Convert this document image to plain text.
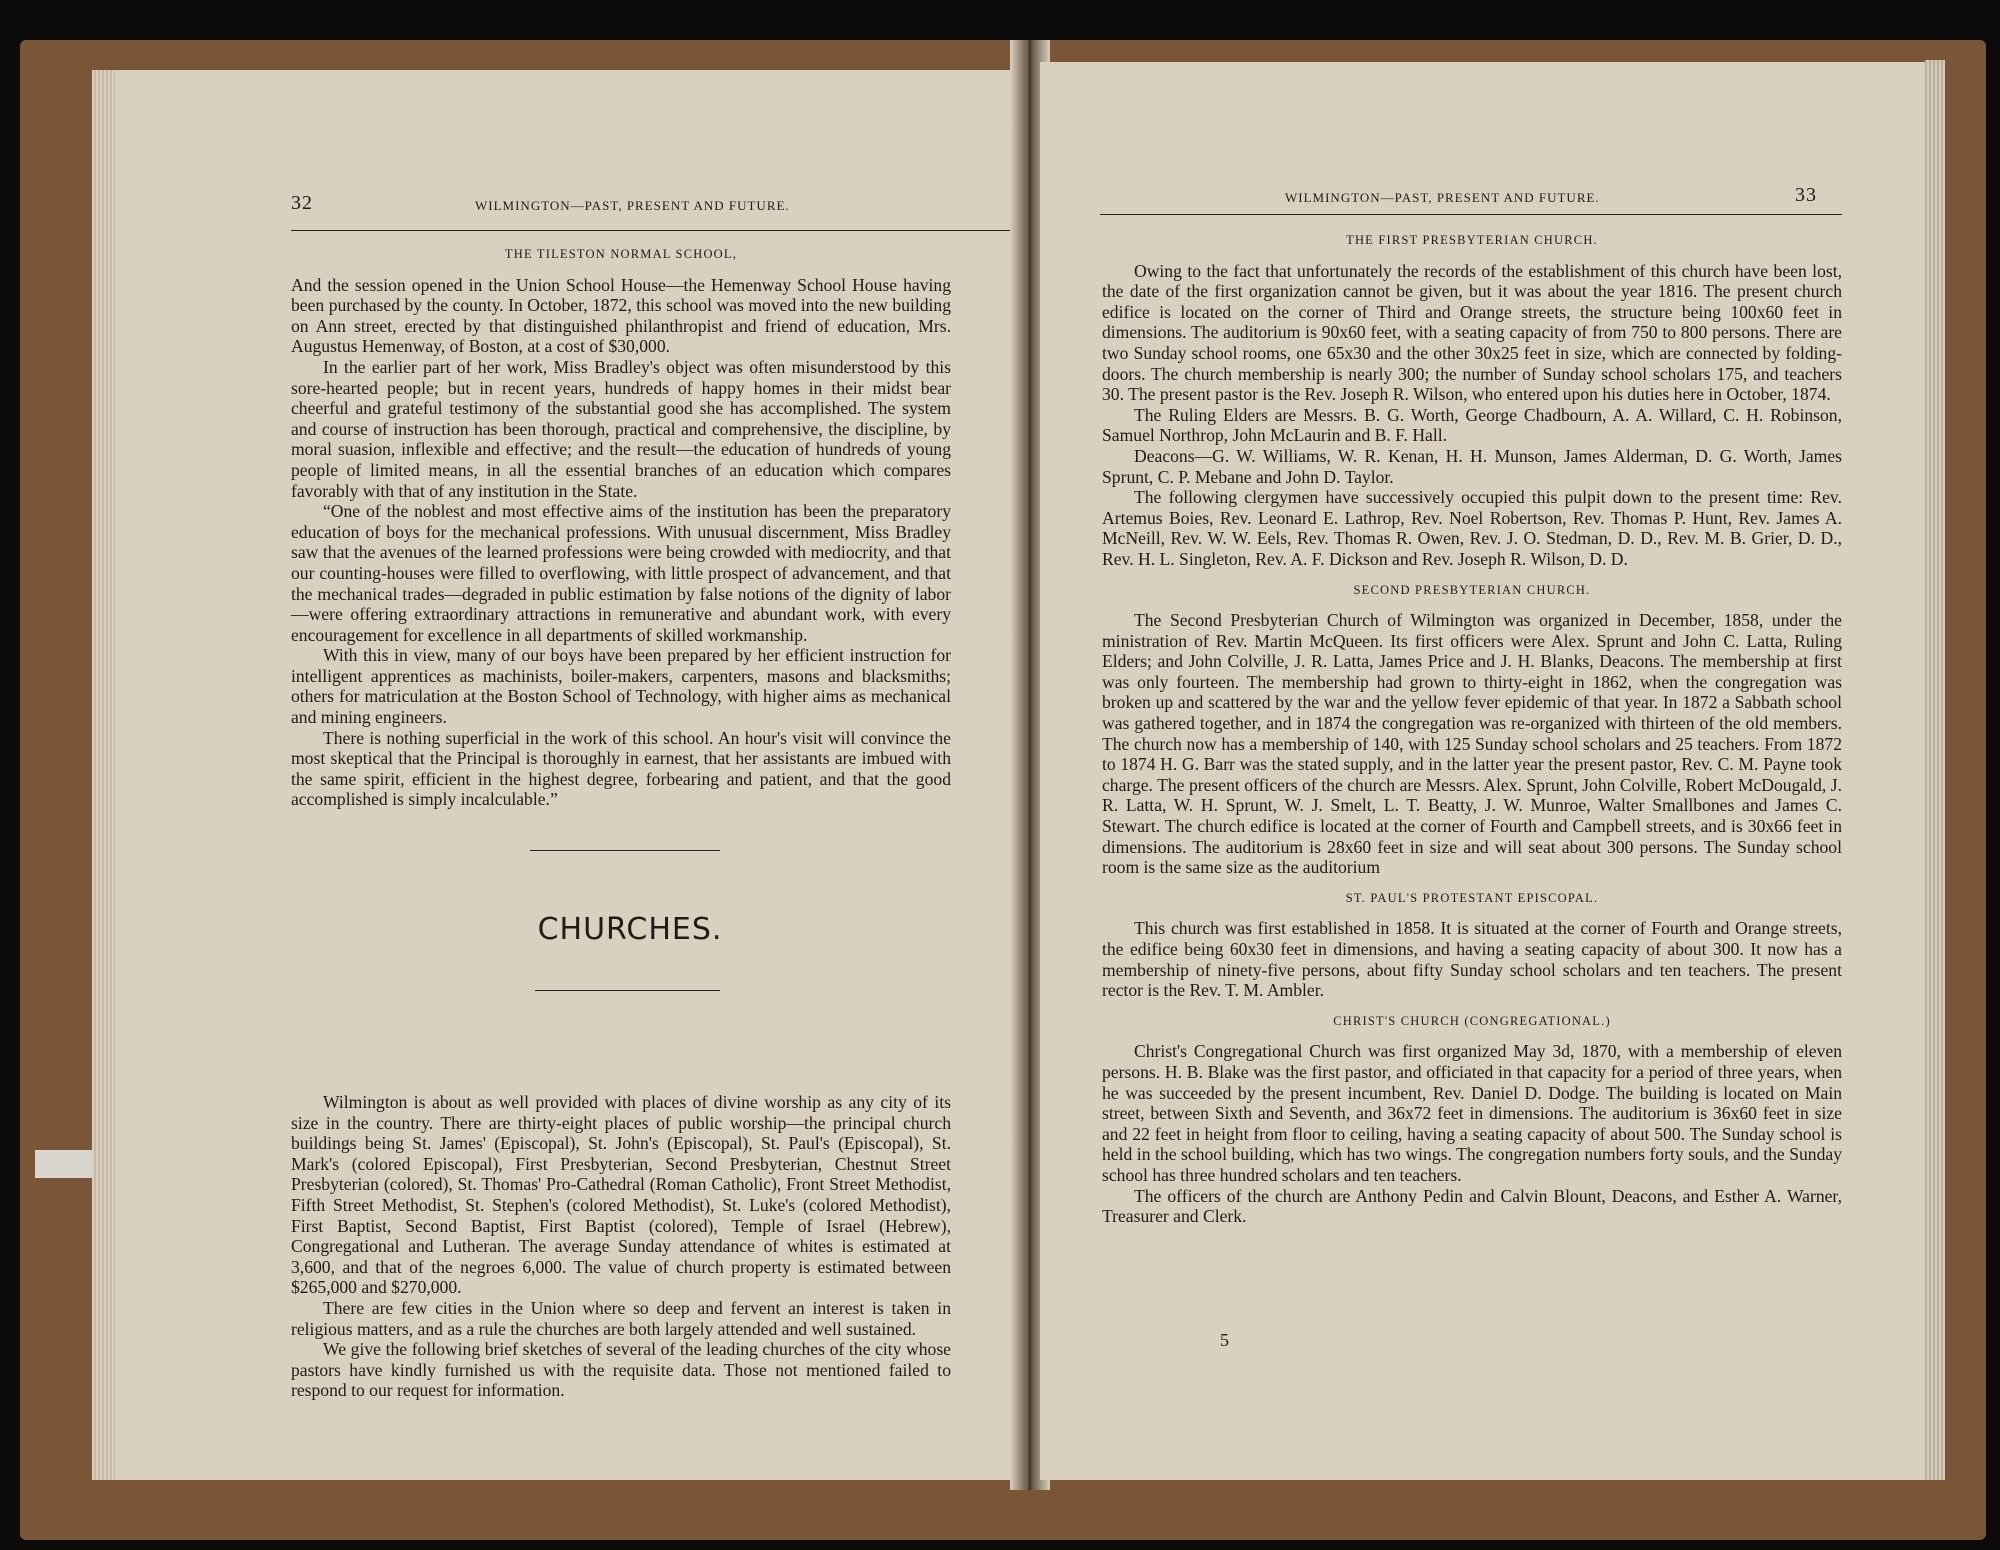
32	WILMINGTON—PAST, PRESENT AND FUTURE.
THE TILESTON NORMAL SCHOOL,

And the session opened in the Union School House—the Hemenway School House having been purchased by the county. In October, 1872, this school was moved into the new building on Ann street, erected by that distinguished philanthropist and friend of education, Mrs. Augustus Hemenway, of Boston, at a cost of $30,000.

In the earlier part of her work, Miss Bradley's object was often misunderstood by this sore-hearted people; but in recent years, hundreds of happy homes in their midst bear cheerful and grateful testimony of the substantial good she has accomplished. The system and course of instruction has been thorough, practical and comprehensive, the discipline, by moral suasion, inflexible and effective; and the result—the education of hundreds of young people of limited means, in all the essential branches of an education which compares favorably with that of any institution in the State.

“One of the noblest and most effective aims of the institution has been the preparatory education of boys for the mechanical professions. With unusual discernment, Miss Bradley saw that the avenues of the learned professions were being crowded with mediocrity, and that our counting-houses were filled to overflowing, with little prospect of advancement, and that the mechanical trades—degraded in public estimation by false notions of the dignity of labor—were offering extraordinary attractions in remunerative and abundant work, with every encouragement for excellence in all departments of skilled workmanship.

With this in view, many of our boys have been prepared by her efficient instruction for intelligent apprentices as machinists, boiler-makers, carpenters, masons and blacksmiths; others for matriculation at the Boston School of Technology, with higher aims as mechanical and mining engineers.

There is nothing superficial in the work of this school. An hour's visit will convince the most skeptical that the Principal is thoroughly in earnest, that her assistants are imbued with the same spirit, efficient in the highest degree, forbearing and patient, and that the good accomplished is simply incalculable.”

CHURCHES.

Wilmington is about as well provided with places of divine worship as any city of its size in the country. There are thirty-eight places of public worship—the principal church buildings being St. James' (Episcopal), St. John's (Episcopal), St. Paul's (Episcopal), St. Mark's (colored Episcopal), First Presbyterian, Second Presbyterian, Chestnut Street Presbyterian (colored), St. Thomas' Pro-Cathedral (Roman Catholic), Front Street Methodist, Fifth Street Methodist, St. Stephen's (colored Methodist), St. Luke's (colored Methodist), First Baptist, Second Baptist, First Baptist (colored), Temple of Israel (Hebrew), Congregational and Lutheran. The average Sunday attendance of whites is estimated at 3,600, and that of the negroes 6,000. The value of church property is estimated between $265,000 and $270,000.

There are few cities in the Union where so deep and fervent an interest is taken in religious matters, and as a rule the churches are both largely attended and well sustained.

We give the following brief sketches of several of the leading churches of the city whose pastors have kindly furnished us with the requisite data. Those not mentioned failed to respond to our request for information.

WILMINGTON—PAST, PRESENT AND FUTURE.	33
THE FIRST PRESBYTERIAN CHURCH.

Owing to the fact that unfortunately the records of the establishment of this church have been lost, the date of the first organization cannot be given, but it was about the year 1816. The present church edifice is located on the corner of Third and Orange streets, the structure being 100x60 feet in dimensions. The auditorium is 90x60 feet, with a seating capacity of from 750 to 800 persons. There are two Sunday school rooms, one 65x30 and the other 30x25 feet in size, which are connected by folding-doors. The church membership is nearly 300; the number of Sunday school scholars 175, and teachers 30. The present pastor is the Rev. Joseph R. Wilson, who entered upon his duties here in October, 1874.

The Ruling Elders are Messrs. B. G. Worth, George Chadbourn, A. A. Willard, C. H. Robinson, Samuel Northrop, John McLaurin and B. F. Hall.

Deacons—G. W. Williams, W. R. Kenan, H. H. Munson, James Alderman, D. G. Worth, James Sprunt, C. P. Mebane and John D. Taylor.

The following clergymen have successively occupied this pulpit down to the present time: Rev. Artemus Boies, Rev. Leonard E. Lathrop, Rev. Noel Robertson, Rev. Thomas P. Hunt, Rev. James A. McNeill, Rev. W. W. Eels, Rev. Thomas R. Owen, Rev. J. O. Stedman, D. D., Rev. M. B. Grier, D. D., Rev. H. L. Singleton, Rev. A. F. Dickson and Rev. Joseph R. Wilson, D. D.

SECOND PRESBYTERIAN CHURCH.

The Second Presbyterian Church of Wilmington was organized in December, 1858, under the ministration of Rev. Martin McQueen. Its first officers were Alex. Sprunt and John C. Latta, Ruling Elders; and John Colville, J. R. Latta, James Price and J. H. Blanks, Deacons. The membership at first was only fourteen. The membership had grown to thirty-eight in 1862, when the congregation was broken up and scattered by the war and the yellow fever epidemic of that year. In 1872 a Sabbath school was gathered together, and in 1874 the congregation was re-organized with thirteen of the old members. The church now has a membership of 140, with 125 Sunday school scholars and 25 teachers. From 1872 to 1874 H. G. Barr was the stated supply, and in the latter year the present pastor, Rev. C. M. Payne took charge. The present officers of the church are Messrs. Alex. Sprunt, John Colville, Robert McDougald, J. R. Latta, W. H. Sprunt, W. J. Smelt, L. T. Beatty, J. W. Munroe, Walter Smallbones and James C. Stewart. The church edifice is located at the corner of Fourth and Campbell streets, and is 30x66 feet in dimensions. The auditorium is 28x60 feet in size and will seat about 300 persons. The Sunday school room is the same size as the auditorium

ST. PAUL'S PROTESTANT EPISCOPAL.

This church was first established in 1858. It is situated at the corner of Fourth and Orange streets, the edifice being 60x30 feet in dimensions, and having a seating capacity of about 300. It now has a membership of ninety-five persons, about fifty Sunday school scholars and ten teachers. The present rector is the Rev. T. M. Ambler.

CHRIST'S CHURCH (CONGREGATIONAL.)

Christ's Congregational Church was first organized May 3d, 1870, with a membership of eleven persons. H. B. Blake was the first pastor, and officiated in that capacity for a period of three years, when he was succeeded by the present incumbent, Rev. Daniel D. Dodge. The building is located on Main street, between Sixth and Seventh, and 36x72 feet in dimensions. The auditorium is 36x60 feet in size and 22 feet in height from floor to ceiling, having a seating capacity of about 500. The Sunday school is held in the school building, which has two wings. The congregation numbers forty souls, and the Sunday school has three hundred scholars and ten teachers.

The officers of the church are Anthony Pedin and Calvin Blount, Deacons, and Esther A. Warner, Treasurer and Clerk.

5
